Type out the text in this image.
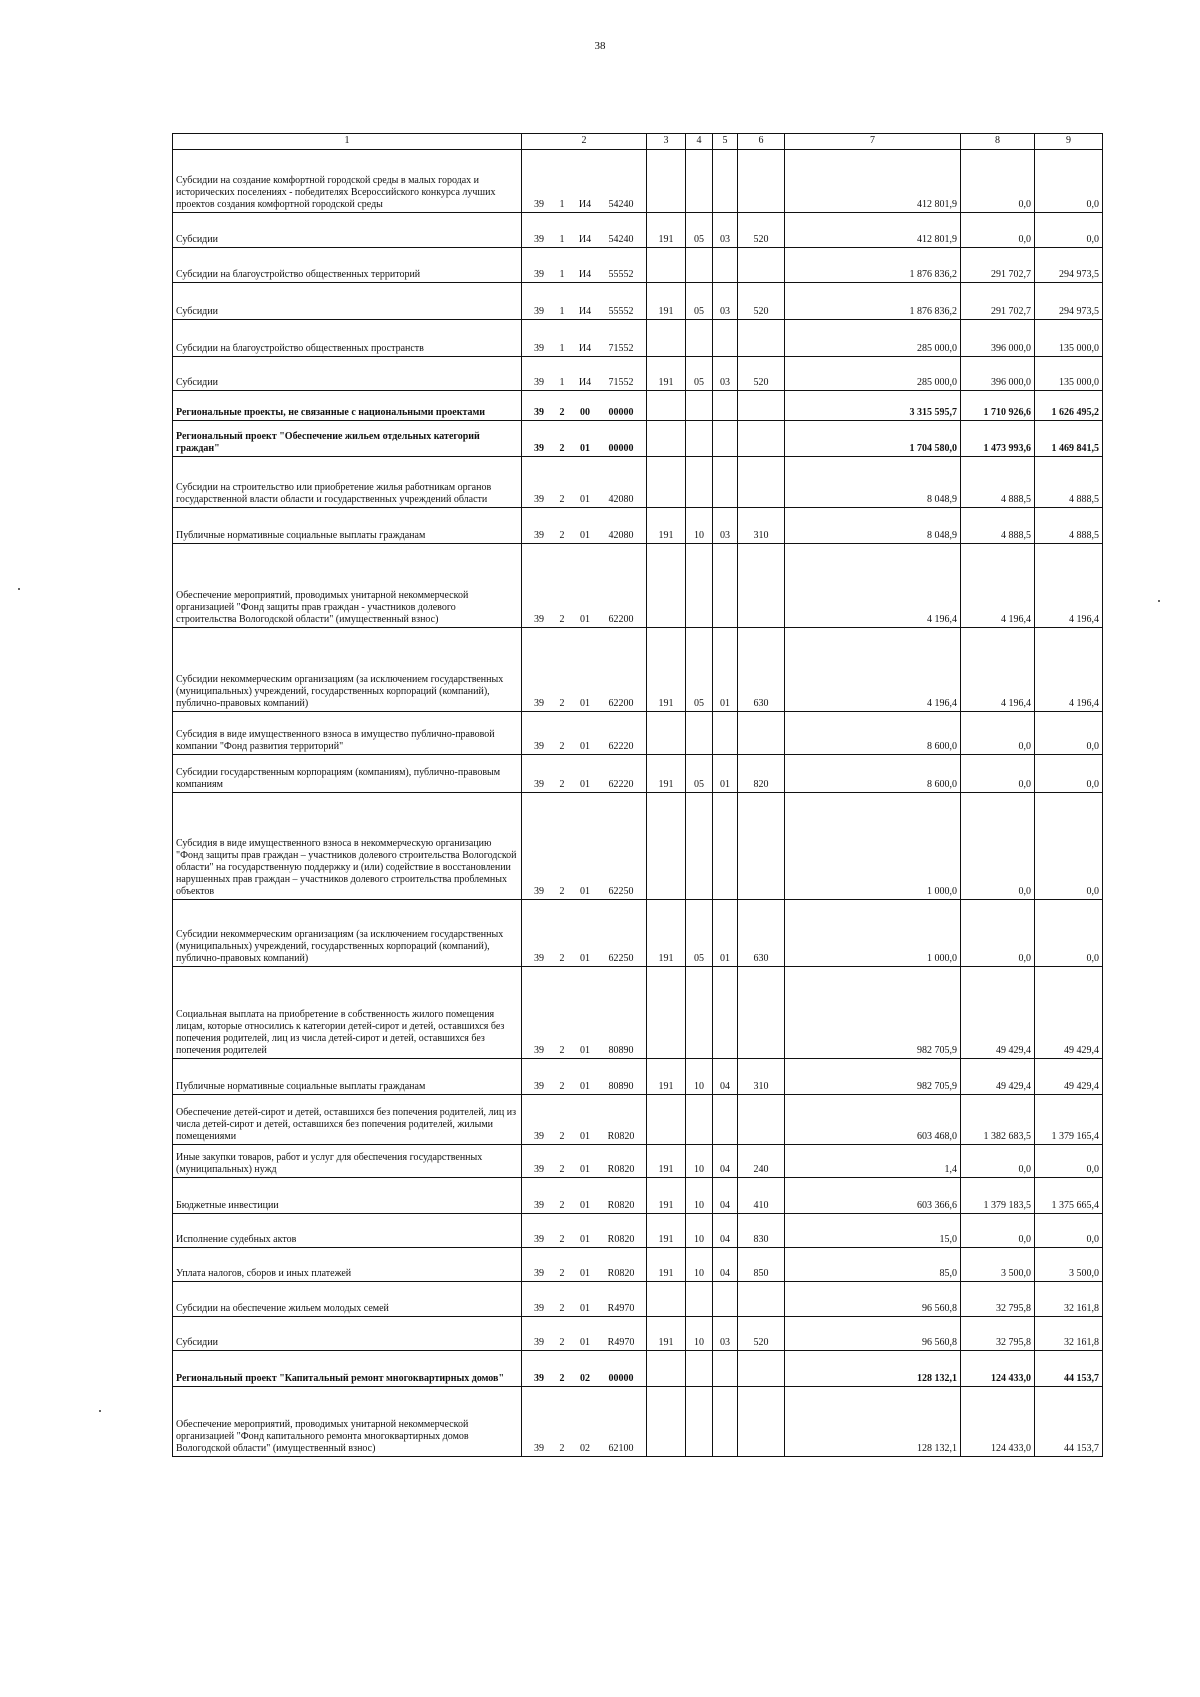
38
1	2	3	4	5	6	7	8	9
Субсидии на создание комфортной городской среды в малых городах и исторических поселениях - победителях Всероссийского конкурса лучших проектов создания комфортной городской среды	39 1 И4 54240					412 801,9	0,0	0,0
Субсидии	39 1 И4 54240	191	05	03	520	412 801,9	0,0	0,0
Субсидии на благоустройство общественных территорий	39 1 И4 55552					1 876 836,2	291 702,7	294 973,5
Субсидии	39 1 И4 55552	191	05	03	520	1 876 836,2	291 702,7	294 973,5
Субсидии на благоустройство общественных пространств	39 1 И4 71552					285 000,0	396 000,0	135 000,0
Субсидии	39 1 И4 71552	191	05	03	520	285 000,0	396 000,0	135 000,0
Региональные проекты, не связанные с национальными проектами	39 2 00 00000					3 315 595,7	1 710 926,6	1 626 495,2
Региональный проект "Обеспечение жильем отдельных категорий граждан"	39 2 01 00000					1 704 580,0	1 473 993,6	1 469 841,5
Субсидии на строительство или приобретение жилья работникам органов государственной власти области и государственных учреждений области	39 2 01 42080					8 048,9	4 888,5	4 888,5
Публичные нормативные социальные выплаты гражданам	39 2 01 42080	191	10	03	310	8 048,9	4 888,5	4 888,5
Обеспечение мероприятий, проводимых унитарной некоммерческой организацией "Фонд защиты прав граждан - участников долевого строительства Вологодской области" (имущественный взнос)	39 2 01 62200					4 196,4	4 196,4	4 196,4
Субсидии некоммерческим организациям (за исключением государственных (муниципальных) учреждений, государственных корпораций (компаний), публично-правовых компаний)	39 2 01 62200	191	05	01	630	4 196,4	4 196,4	4 196,4
Субсидия в виде имущественного взноса в имущество публично-правовой компании "Фонд развития территорий"	39 2 01 62220					8 600,0	0,0	0,0
Субсидии государственным корпорациям (компаниям), публично-правовым компаниям	39 2 01 62220	191	05	01	820	8 600,0	0,0	0,0
Субсидия в виде имущественного взноса в некоммерческую организацию "Фонд защиты прав граждан – участников долевого строительства Вологодской области" на государственную поддержку и (или) содействие в восстановлении нарушенных прав граждан – участников долевого строительства проблемных объектов	39 2 01 62250					1 000,0	0,0	0,0
Субсидии некоммерческим организациям (за исключением государственных (муниципальных) учреждений, государственных корпораций (компаний), публично-правовых компаний)	39 2 01 62250	191	05	01	630	1 000,0	0,0	0,0
Социальная выплата на приобретение в собственность жилого помещения лицам, которые относились к категории детей-сирот и детей, оставшихся без попечения родителей, лиц из числа детей-сирот и детей, оставшихся без попечения родителей	39 2 01 80890					982 705,9	49 429,4	49 429,4
Публичные нормативные социальные выплаты гражданам	39 2 01 80890	191	10	04	310	982 705,9	49 429,4	49 429,4
Обеспечение детей-сирот и детей, оставшихся без попечения родителей, лиц из числа детей-сирот и детей, оставшихся без попечения родителей, жилыми помещениями	39 2 01 R0820					603 468,0	1 382 683,5	1 379 165,4
Иные закупки товаров, работ и услуг для обеспечения государственных (муниципальных) нужд	39 2 01 R0820	191	10	04	240	1,4	0,0	0,0
Бюджетные инвестиции	39 2 01 R0820	191	10	04	410	603 366,6	1 379 183,5	1 375 665,4
Исполнение судебных актов	39 2 01 R0820	191	10	04	830	15,0	0,0	0,0
Уплата налогов, сборов и иных платежей	39 2 01 R0820	191	10	04	850	85,0	3 500,0	3 500,0
Субсидии на обеспечение жильем молодых семей	39 2 01 R4970					96 560,8	32 795,8	32 161,8
Субсидии	39 2 01 R4970	191	10	03	520	96 560,8	32 795,8	32 161,8
Региональный проект "Капитальный ремонт многоквартирных домов"	39 2 02 00000					128 132,1	124 433,0	44 153,7
Обеспечение мероприятий, проводимых унитарной некоммерческой организацией "Фонд капитального ремонта многоквартирных домов Вологодской области" (имущественный взнос)	39 2 02 62100					128 132,1	124 433,0	44 153,7
